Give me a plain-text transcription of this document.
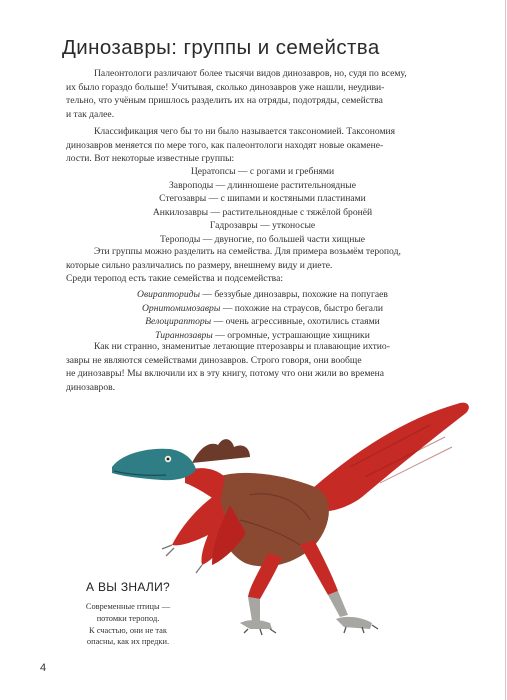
Динозавры: группы и семейства

Палеонтологи различают более тысячи видов динозавров, но, судя по всему,
их было гораздо больше! Учитывая, сколько динозавров уже нашли, неудиви-
тельно, что учёным пришлось разделить их на отряды, подотряды, семейства
и так далее.

Классификация чего бы то ни было называется таксономией. Таксономия
динозавров меняется по мере того, как палеонтологи находят новые окамене-
лости. Вот некоторые известные группы:

Цератопсы — с рогами и гребнями
Завроподы — длинношеие растительноядные
Стегозавры — с шипами и костяными пластинами
Анкилозавры — растительноядные с тяжёлой бронёй
Гадрозавры — утконосые
Тероподы — двуногие, по большей части хищные

Эти группы можно разделить на семейства. Для примера возьмём теропод,
которые сильно различались по размеру, внешнему виду и диете.
Среди теропод есть такие семейства и подсемейства:

Овирапториды — беззубые динозавры, похожие на попугаев
Орнитомимозавры — похожие на страусов, быстро бегали
Велоцирапторы — очень агрессивные, охотились стаями
Тираннозавры — огромные, устрашающие хищники

Как ни странно, знаменитые летающие птерозавры и плавающие ихтио-
завры не являются семействами динозавров. Строго говоря, они вообще
не динозавры! Мы включили их в эту книгу, потому что они жили во времена
динозавров.

А ВЫ ЗНАЛИ?
Современные птицы —
потомки теропод.
К счастью, они не так
опасны, как их предки.
4
